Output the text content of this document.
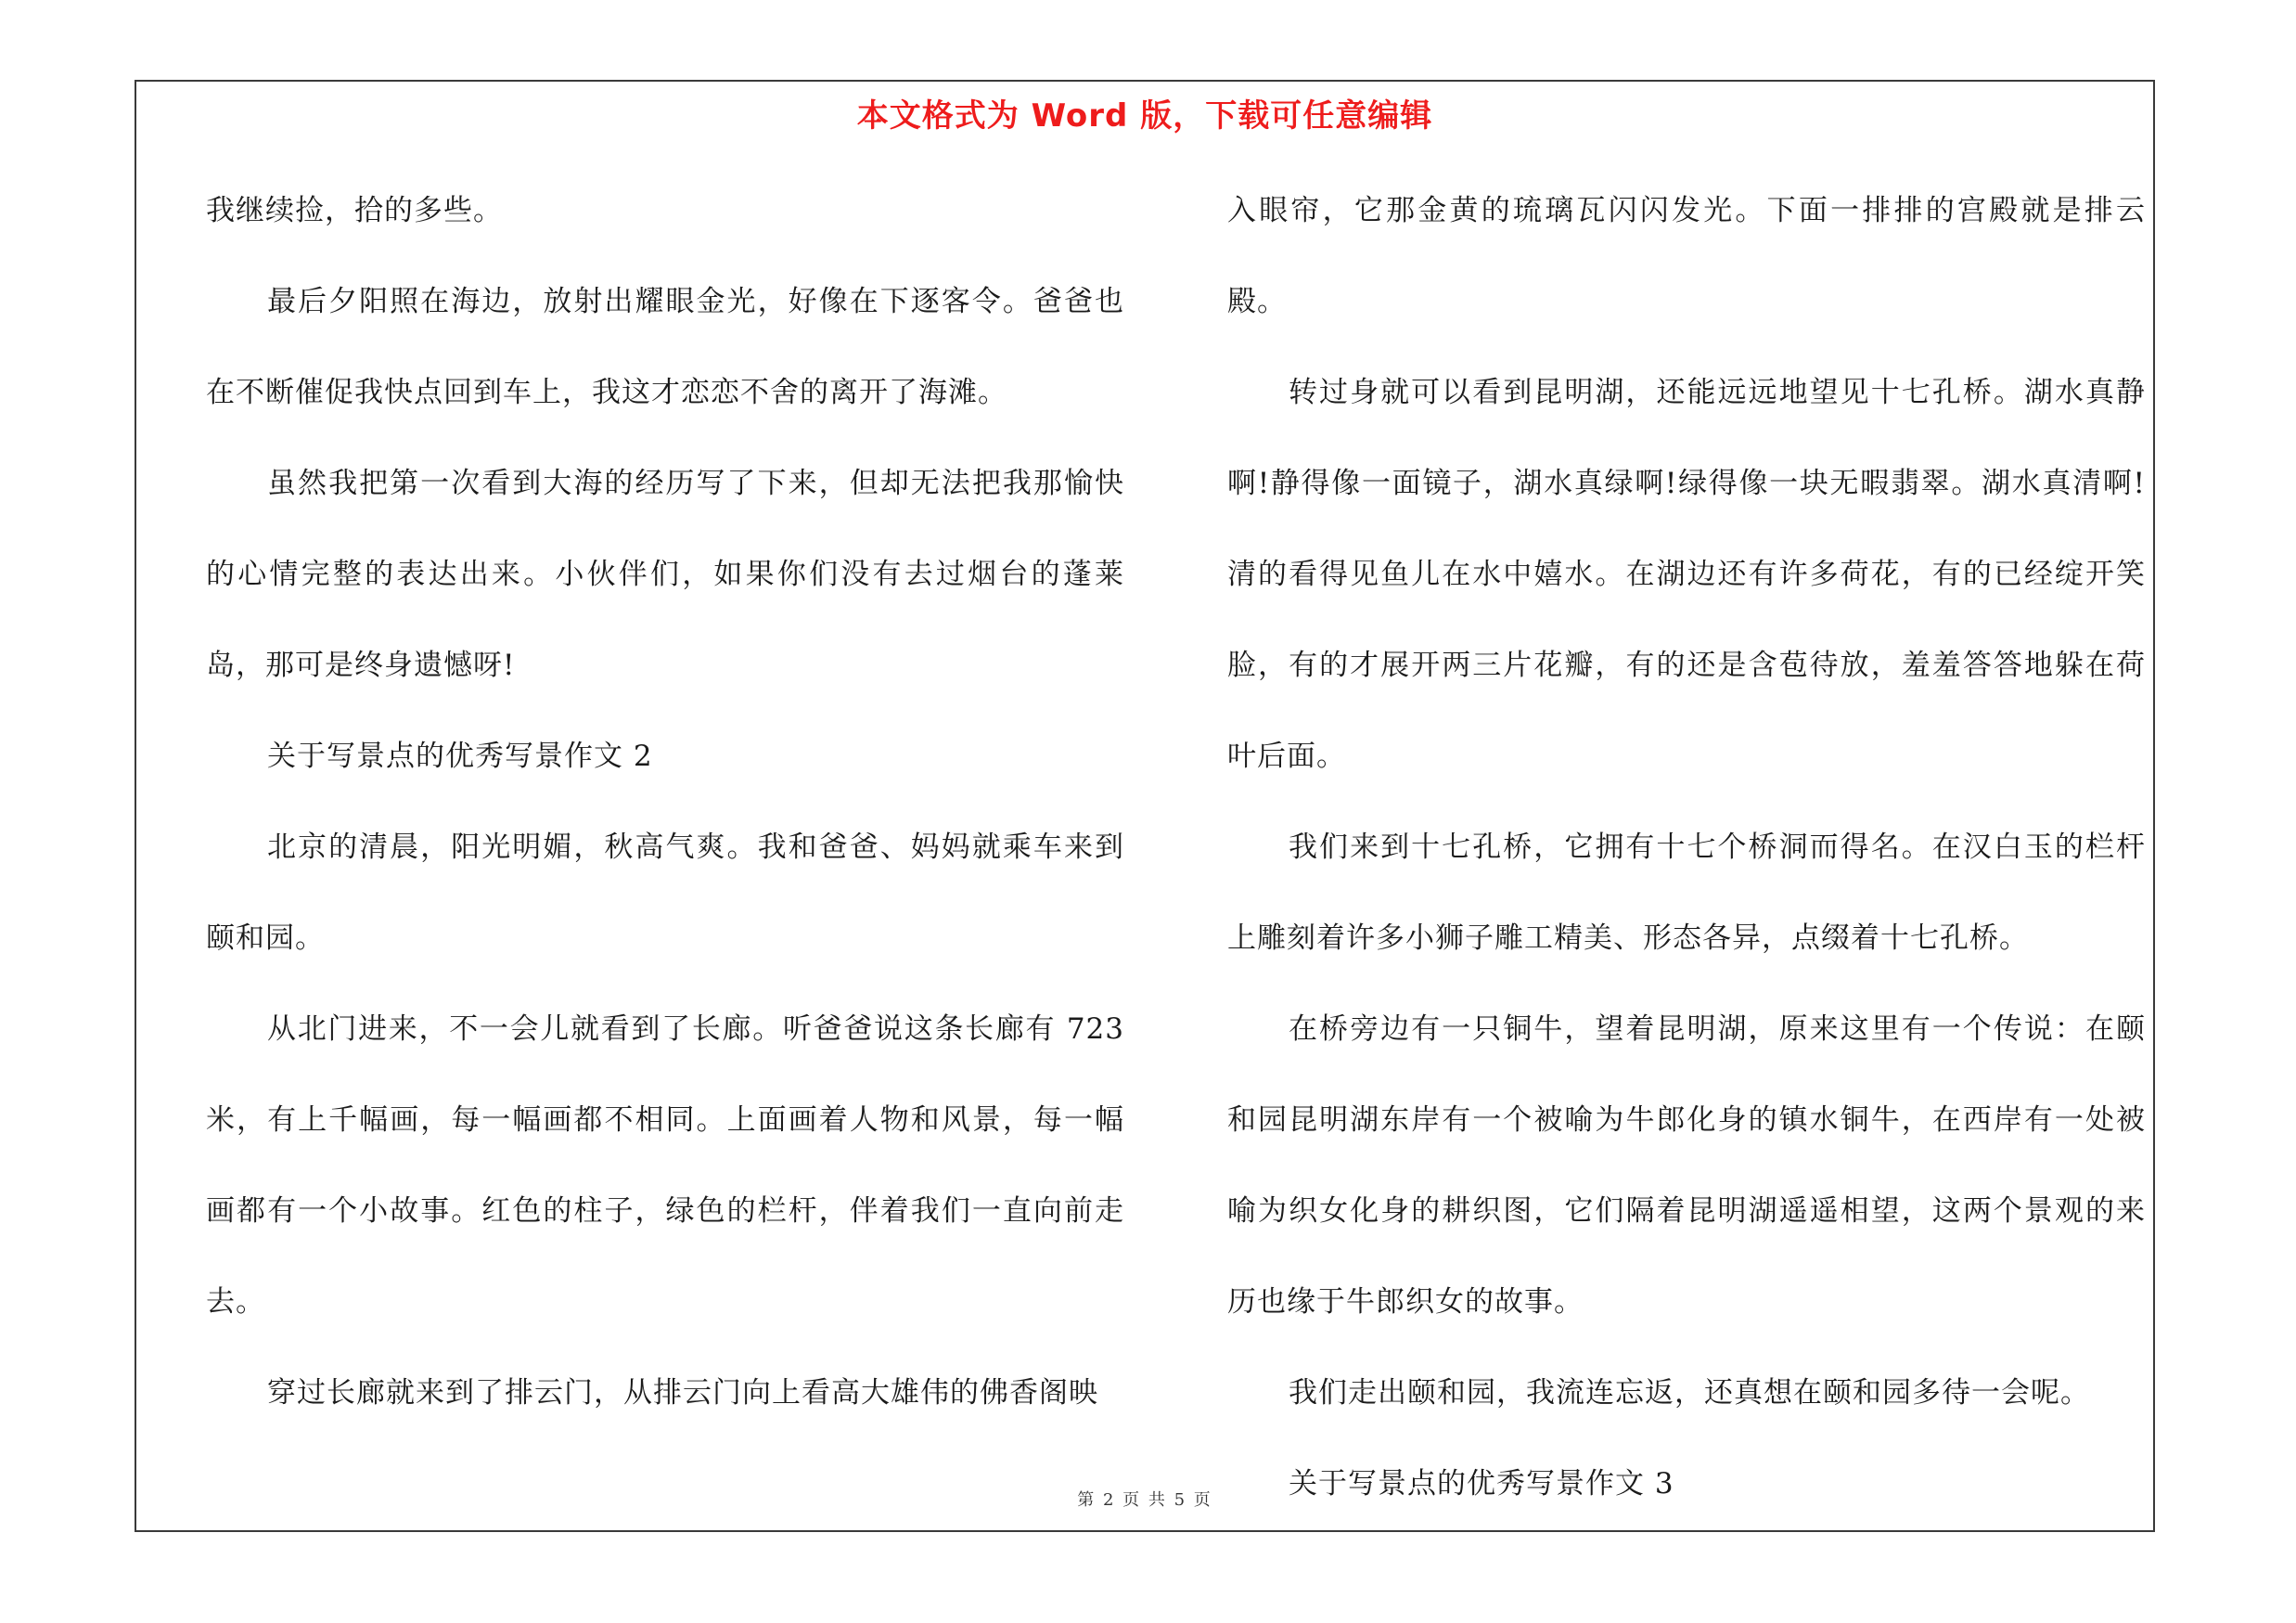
本文格式为 Word 版，下载可任意编辑

我继续捡，拾的多些。

最后夕阳照在海边，放射出耀眼金光，好像在下逐客令。爸爸也在不断催促我快点回到车上，我这才恋恋不舍的离开了海滩。

虽然我把第一次看到大海的经历写了下来，但却无法把我那愉快的心情完整的表达出来。小伙伴们，如果你们没有去过烟台的蓬莱岛，那可是终身遗憾呀!

关于写景点的优秀写景作文 2

北京的清晨，阳光明媚，秋高气爽。我和爸爸、妈妈就乘车来到颐和园。

从北门进来，不一会儿就看到了长廊。听爸爸说这条长廊有 723 米，有上千幅画，每一幅画都不相同。上面画着人物和风景，每一幅画都有一个小故事。红色的柱子，绿色的栏杆，伴着我们一直向前走去。

穿过长廊就来到了排云门，从排云门向上看高大雄伟的佛香阁映

入眼帘，它那金黄的琉璃瓦闪闪发光。下面一排排的宫殿就是排云殿。

转过身就可以看到昆明湖，还能远远地望见十七孔桥。湖水真静啊!静得像一面镜子，湖水真绿啊!绿得像一块无暇翡翠。湖水真清啊!清的看得见鱼儿在水中嬉水。在湖边还有许多荷花，有的已经绽开笑脸，有的才展开两三片花瓣，有的还是含苞待放，羞羞答答地躲在荷叶后面。

我们来到十七孔桥，它拥有十七个桥洞而得名。在汉白玉的栏杆上雕刻着许多小狮子雕工精美、形态各异，点缀着十七孔桥。

在桥旁边有一只铜牛，望着昆明湖，原来这里有一个传说：在颐和园昆明湖东岸有一个被喻为牛郎化身的镇水铜牛，在西岸有一处被喻为织女化身的耕织图，它们隔着昆明湖遥遥相望，这两个景观的来历也缘于牛郎织女的故事。

我们走出颐和园，我流连忘返，还真想在颐和园多待一会呢。

关于写景点的优秀写景作文 3

第 2 页 共 5 页
